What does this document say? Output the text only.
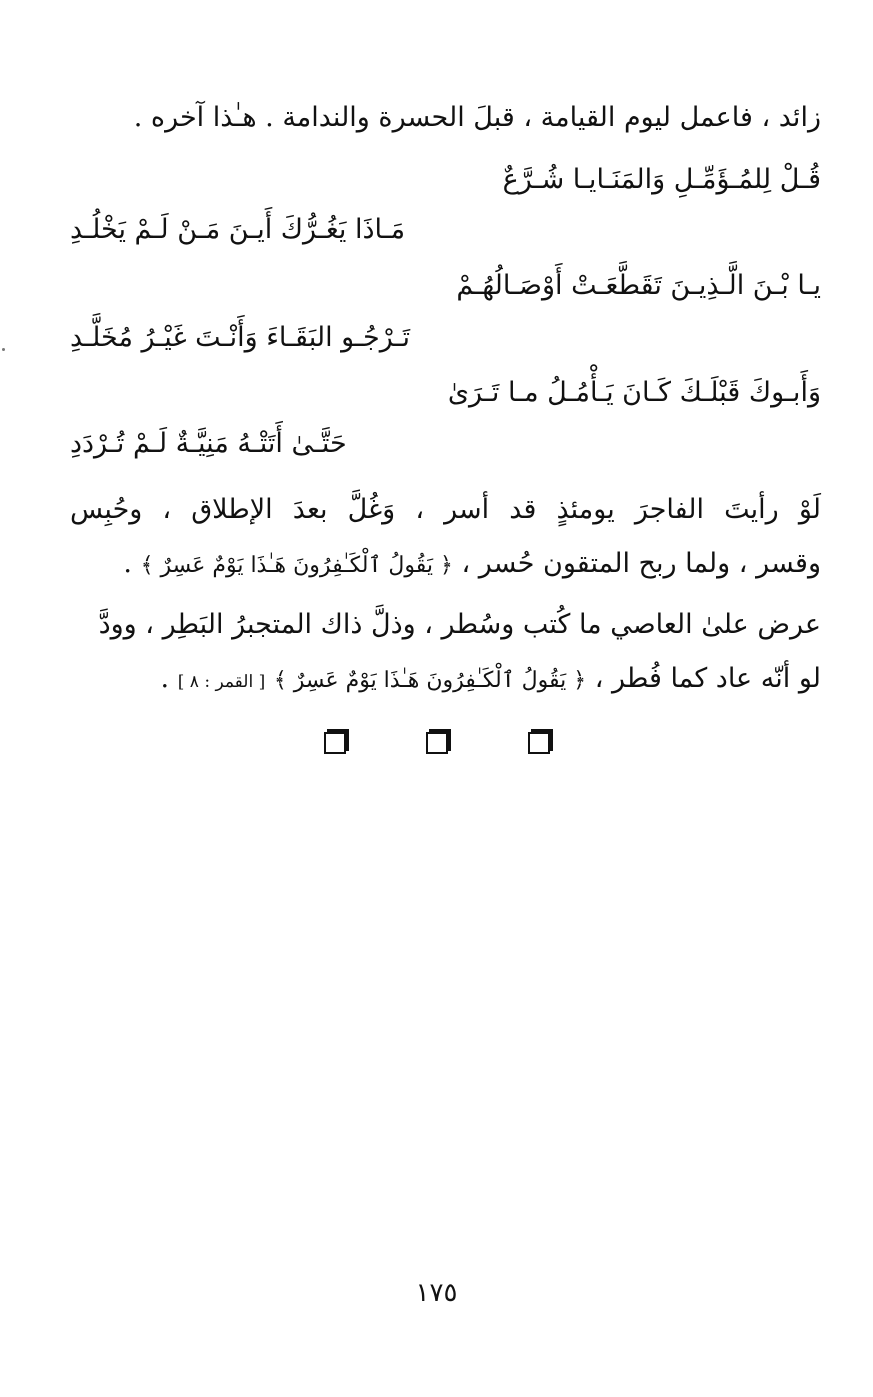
زائد ، فاعمل ليوم القيامة ، قبلَ الحسرة والندامة . هـٰذا آخره .
قُـلْ لِلمُـؤَمِّـلِ وَالمَنَـايـا شُـرَّعٌ
مَـاذَا يَغُـرُّكَ أَيـنَ مَـنْ لَـمْ يَخْلُـدِ
يـا بْـنَ الَّـذِيـنَ تَقَطَّعَـتْ أَوْصَـالُهُـمْ
تَـرْجُـو البَقَـاءَ وَأَنْـتَ غَيْـرُ مُخَلَّـدِ
وَأَبـوكَ قَبْلَـكَ كَـانَ يَـأْمُـلُ مـا تَـرَىٰ
حَتَّـىٰ أَتَتْـهُ مَنِيَّـةٌ لَـمْ تُـرْدَدِ
لَوْ رأيتَ الفاجرَ يومئذٍ قد أسر ، وَغُلَّ بعدَ الإطلاق ، وحُبِس
وقسر ، ولما ربح المتقون حُسر ، ﴿ يَقُولُ ٱلْكَـٰفِرُونَ هَـٰذَا يَوْمٌ عَسِرٌ ﴾ .
عرض علىٰ العاصي ما كُتب وسُطر ، وذلَّ ذاك المتجبرُ البَطِر ، وودَّ
لو أنّه عاد كما فُطر ، ﴿ يَقُولُ ٱلْكَـٰفِرُونَ هَـٰذَا يَوْمٌ عَسِرٌ ﴾ [ القمر : ٨ ] .
١٧٥
